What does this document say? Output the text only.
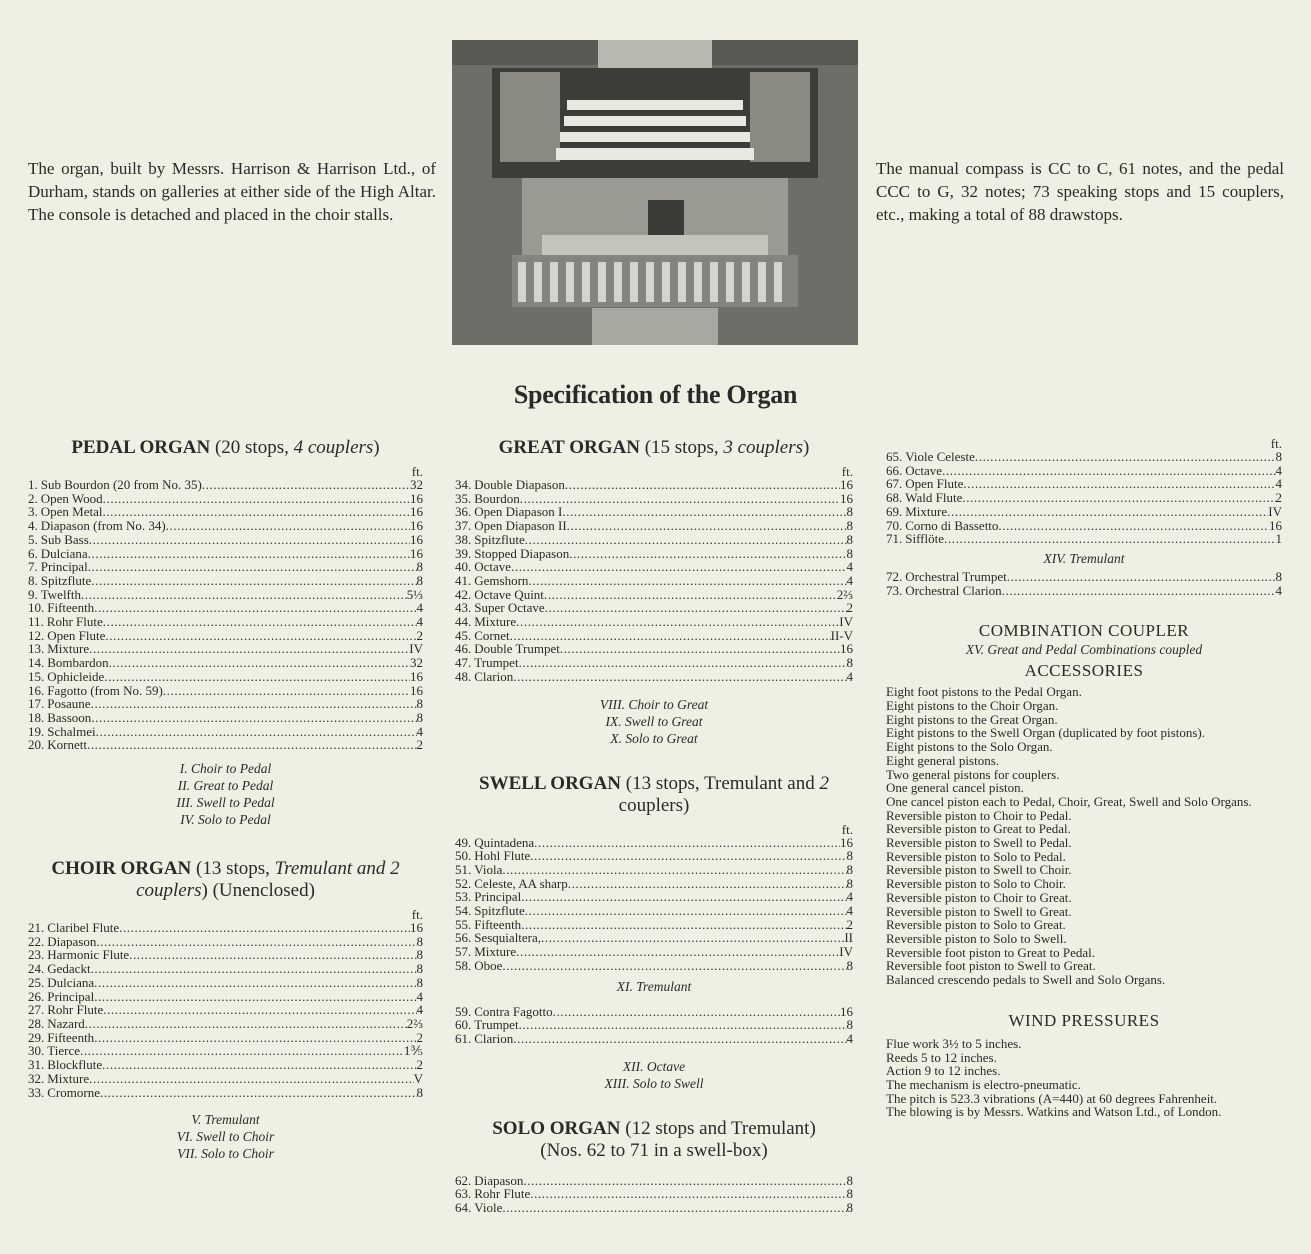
The organ, built by Messrs. Harrison & Harrison Ltd., of Durham, stands on galleries at either side of the High Altar. The console is detached and placed in the choir stalls.
The manual compass is CC to C, 61 notes, and the pedal CCC to G, 32 notes; 73 speaking stops and 15 couplers, etc., making a total of 88 drawstops.
Specification of the Organ

PEDAL ORGAN (20 stops, 4 couplers)

ft.
1. Sub Bourdon (20 from No. 35) .....	32
2. Open Wood .....	16
3. Open Metal .....	16
4. Diapason (from No. 34) .....	16
5. Sub Bass .....	16
6. Dulciana .....	16
7. Principal .....	8
8. Spitzflute .....	8
9. Twelfth .....	5⅓
10. Fifteenth .....	4
11. Rohr Flute .....	4
12. Open Flute .....	2
13. Mixture .....	IV
14. Bombardon .....	32
15. Ophicleide .....	16
16. Fagotto (from No. 59) .....	16
17. Posaune .....	8
18. Bassoon .....	8
19. Schalmei .....	4
20. Kornett .....	2

I. Choir to Pedal

II. Great to Pedal

III. Swell to Pedal

IV. Solo to Pedal

CHOIR ORGAN (13 stops, Tremulant and 2 couplers) (Unenclosed)

ft.
21. Claribel Flute .....	16
22. Diapason .....	8
23. Harmonic Flute .....	8
24. Gedackt .....	8
25. Dulciana .....	8
26. Principal .....	4
27. Rohr Flute .....	4
28. Nazard .....	2⅔
29. Fifteenth .....	2
30. Tierce .....	1⅗
31. Blockflute .....	2
32. Mixture .....	V
33. Cromorne .....	8

V. Tremulant

VI. Swell to Choir

VII. Solo to Choir

GREAT ORGAN (15 stops, 3 couplers)

ft.
34. Double Diapason .....	16
35. Bourdon .....	16
36. Open Diapason I .....	8
37. Open Diapason II .....	8
38. Spitzflute .....	8
39. Stopped Diapason .....	8
40. Octave .....	4
41. Gemshorn .....	4
42. Octave Quint .....	2⅔
43. Super Octave .....	2
44. Mixture .....	IV
45. Cornet .....	II-V
46. Double Trumpet .....	16
47. Trumpet .....	8
48. Clarion .....	4

VIII. Choir to Great

IX. Swell to Great

X. Solo to Great

SWELL ORGAN (13 stops, Tremulant and 2 couplers)

ft.
49. Quintadena .....	16
50. Hohl Flute .....	8
51. Viola .....	8
52. Celeste, AA sharp .....	8
53. Principal .....	4
54. Spitzflute .....	4
55. Fifteenth .....	2
56. Sesquialtera, .....	II
57. Mixture .....	IV
58. Oboe .....	8

XI. Tremulant

59. Contra Fagotto .....	16
60. Trumpet .....	8
61. Clarion .....	4

XII. Octave

XIII. Solo to Swell

SOLO ORGAN (12 stops and Tremulant)

(Nos. 62 to 71 in a swell-box)

62. Diapason .....	8
63. Rohr Flute .....	8
64. Viole .....	8
ft.
65. Viole Celeste .....	8
66. Octave .....	4
67. Open Flute .....	4
68. Wald Flute .....	2
69. Mixture .....	IV
70. Corno di Bassetto .....	16
71. Sifflöte .....	1

XIV. Tremulant

72. Orchestral Trumpet .....	8
73. Orchestral Clarion .....	4

COMBINATION COUPLER

XV. Great and Pedal Combinations coupled

ACCESSORIES

Eight foot pistons to the Pedal Organ.
Eight pistons to the Choir Organ.
Eight pistons to the Great Organ.
Eight pistons to the Swell Organ (duplicated by foot pistons).
Eight pistons to the Solo Organ.
Eight general pistons.
Two general pistons for couplers.
One general cancel piston.
One cancel piston each to Pedal, Choir, Great, Swell and Solo Organs.
Reversible piston to Choir to Pedal.
Reversible piston to Great to Pedal.
Reversible piston to Swell to Pedal.
Reversible piston to Solo to Pedal.
Reversible piston to Swell to Choir.
Reversible piston to Solo to Choir.
Reversible piston to Choir to Great.
Reversible piston to Swell to Great.
Reversible piston to Solo to Great.
Reversible piston to Solo to Swell.
Reversible foot piston to Great to Pedal.
Reversible foot piston to Swell to Great.
Balanced crescendo pedals to Swell and Solo Organs.

WIND PRESSURES

Flue work 3½ to 5 inches.

Reeds 5 to 12 inches.

Action 9 to 12 inches.

The mechanism is electro-pneumatic.

The pitch is 523.3 vibrations (A=440) at 60 degrees Fahrenheit.

The blowing is by Messrs. Watkins and Watson Ltd., of London.
